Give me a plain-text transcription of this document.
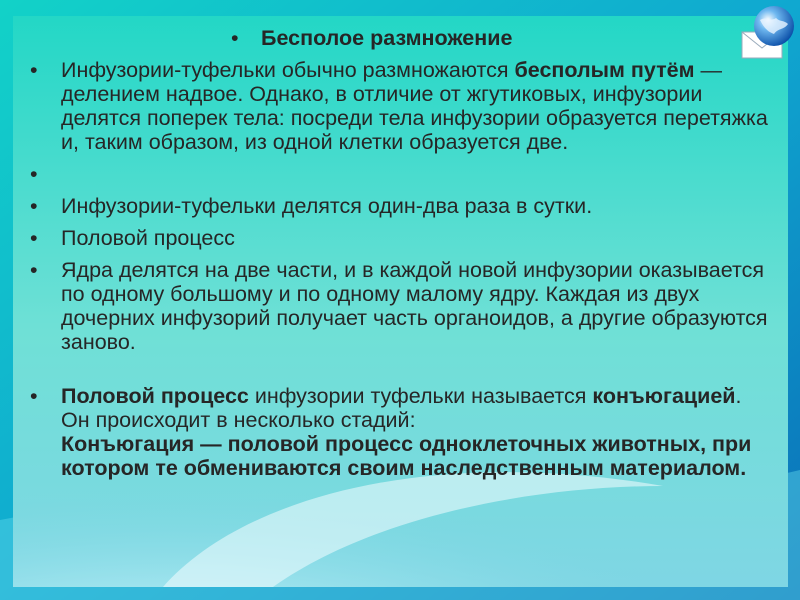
• Бесполое размножение

• Инфузории-туфельки обычно размножаются бесполым путём — делением надвое. Однако, в отличие от жгутиковых, инфузории делятся поперек тела: посреди тела инфузории образуется перетяжка и, таким образом, из одной клетки образуется две.

•

• Инфузории-туфельки делятся один-два раза в сутки.

• Половой процесс

• Ядра делятся на две части, и в каждой новой инфузории оказывается по одному большому и по одному малому ядру. Каждая из двух дочерних инфузорий получает часть органоидов, а другие образуются заново.

• Половой процесс инфузории туфельки называется конъюгацией. Он происходит в несколько стадий:
Конъюгация — половой процесс одноклеточных животных, при котором те обмениваются своим наследственным материалом.
